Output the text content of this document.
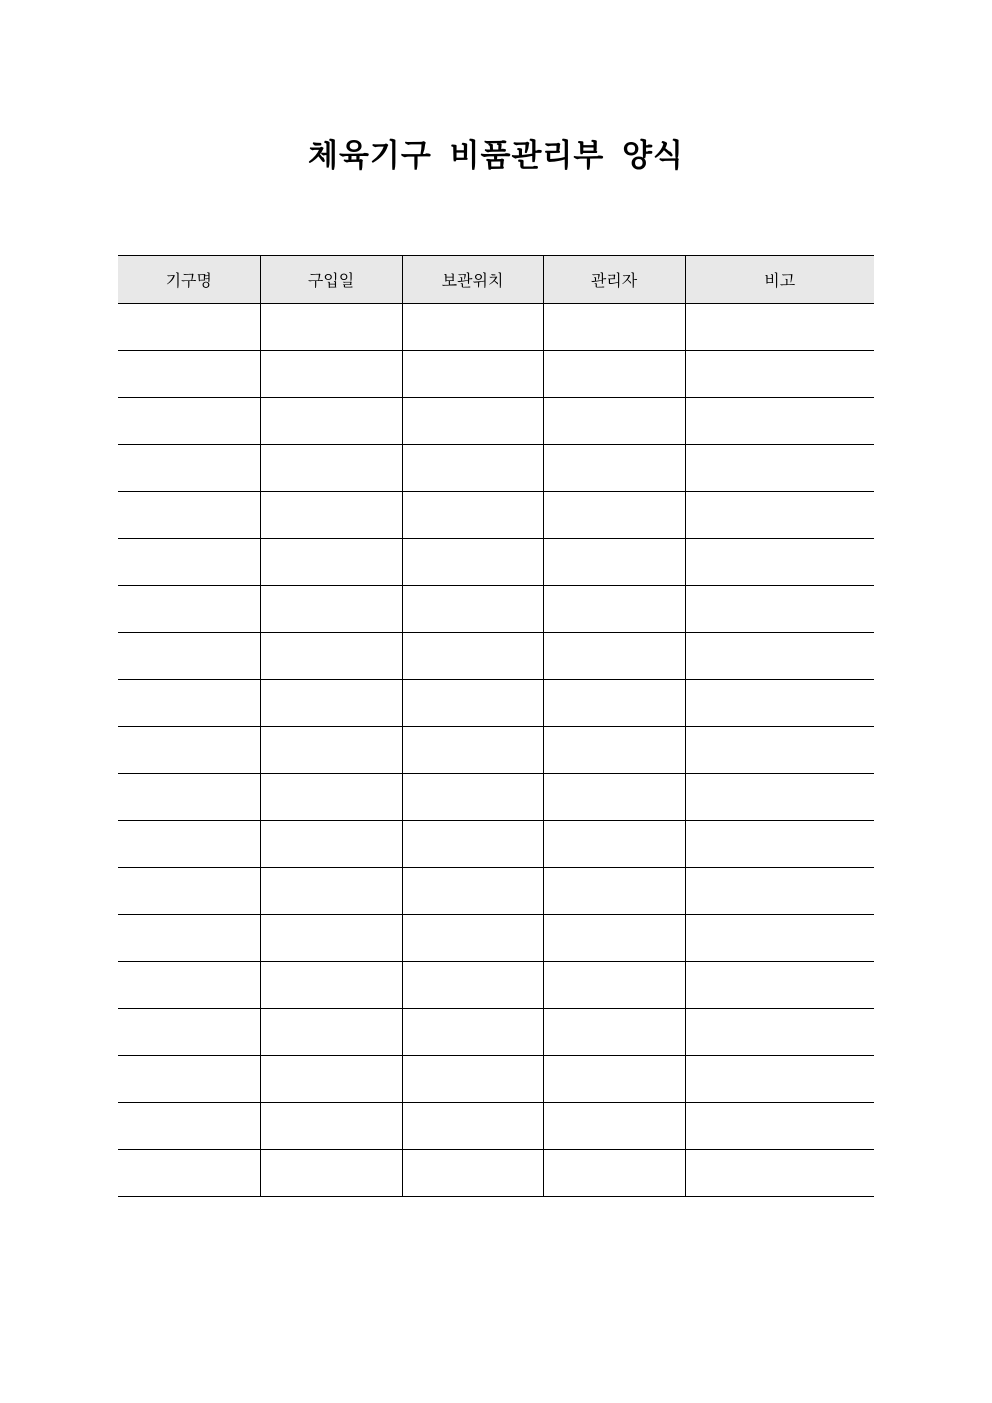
체육기구 비품관리부 양식
기구명	구입일	보관위치	관리자	비고
